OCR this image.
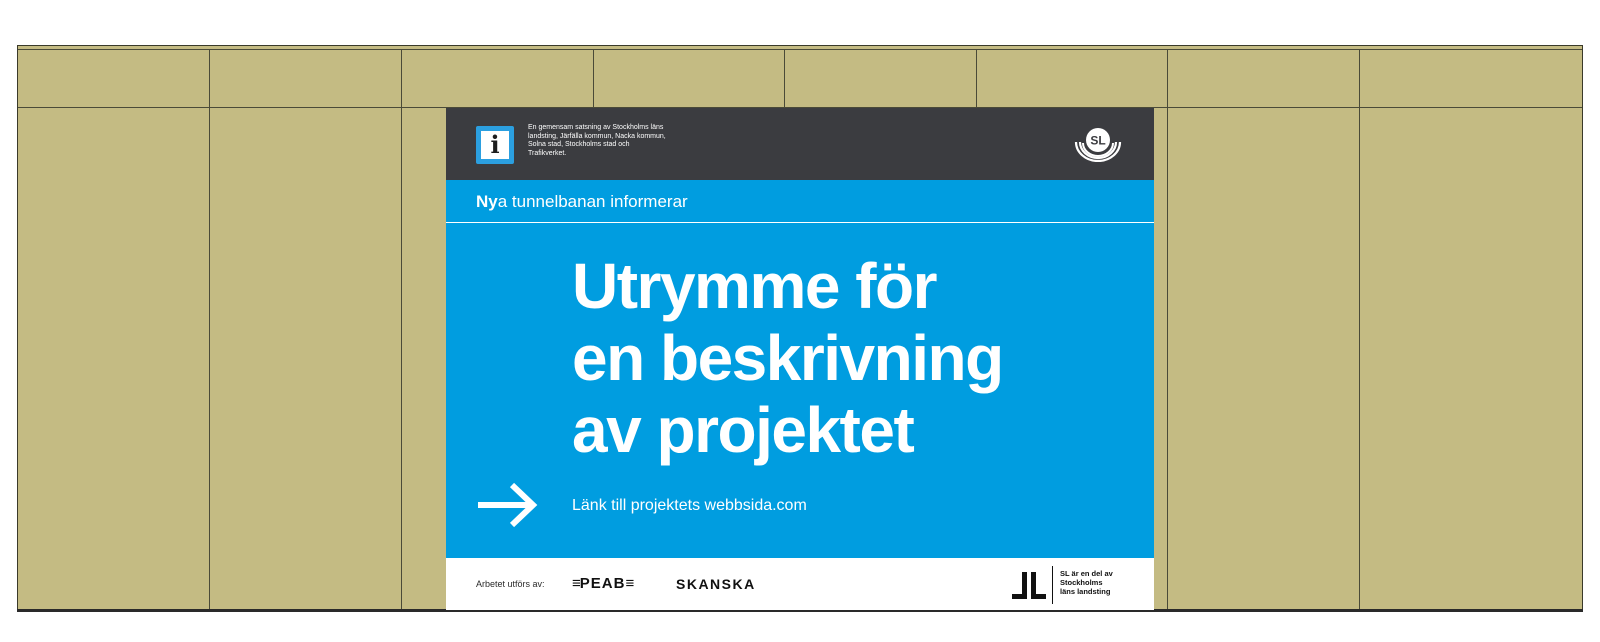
i
En gemensam satsning av Stockholms läns landsting, Järfälla kommun, Nacka kommun, Solna stad, Stockholms stad och Trafikverket.
SL
Nya tunnelbanan informerar
Utrymme för
en beskrivning
av projektet
Länk till projektets webbsida.com
Arbetet utförs av: ≡PEAB≡	SKANSKA
SL är en del av
Stockholms
läns landsting
